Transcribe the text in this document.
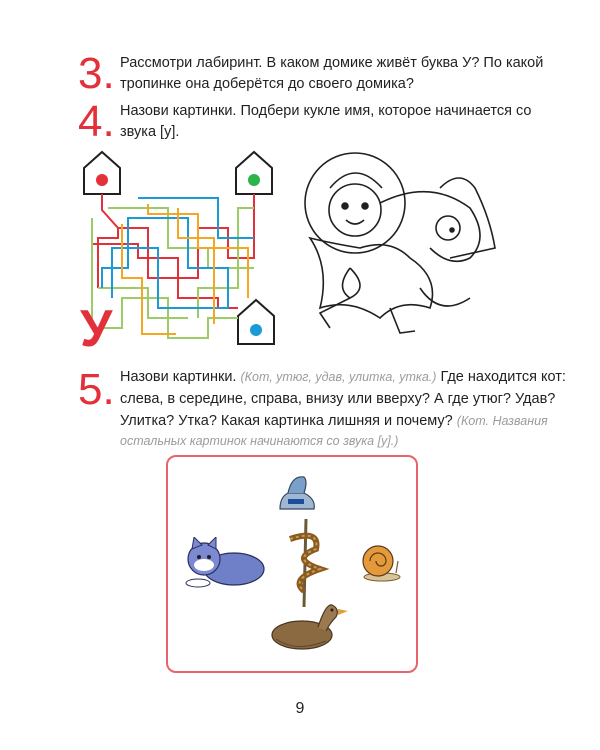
3. Рассмотри лабиринт. В каком домике живёт буква У? По какой
тропинке она доберётся до своего домика?
4. Назови картинки. Подбери кукле имя, которое начинается со
звука [у].
У
5. Назови картинки. (Кот, утюг, удав, улитка, утка.) Где находится кот:
слева, в середине, справа, внизу или вверху? А где утюг? Удав?
Улитка? Утка? Какая картинка лишняя и почему? (Кот. Названия
остальных картинок начинаются со звука [у].)
9
